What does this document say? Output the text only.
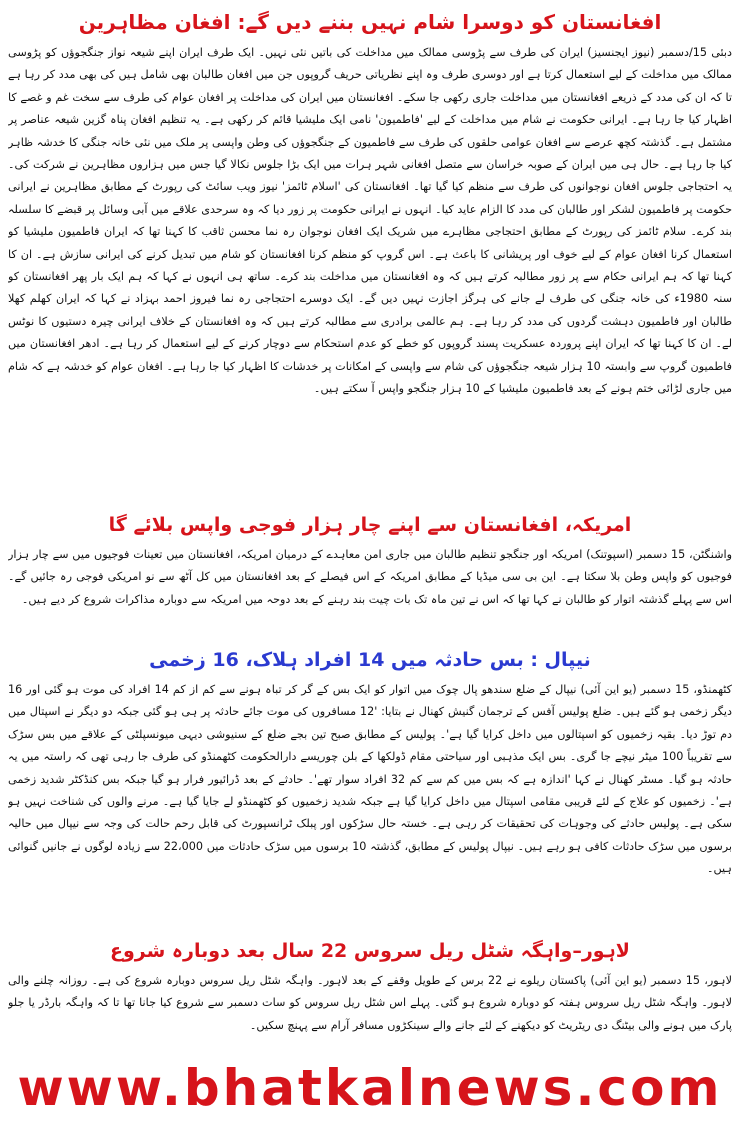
افغانستان کو دوسرا شام نہیں بننے دیں گے: افغان مظاہرین

دبئی 15/دسمبر (نیوز ایجنسیز) ایران کی طرف سے پڑوسی ممالک میں مداخلت کی باتیں نئی نہیں۔ ایک طرف ایران اپنے شیعہ نواز جنگجوؤں کو پڑوسی ممالک میں مداخلت کے لیے استعمال کرتا ہے اور دوسری طرف وہ اپنے نظریاتی حریف گروپوں جن میں افغان طالبان بھی شامل ہیں کی بھی مدد کر رہا ہے تا کہ ان کی مدد کے ذریعے افغانستان میں مداخلت جاری رکھی جا سکے۔ افغانستان میں ایران کی مداخلت پر افغان عوام کی طرف سے سخت غم و غصے کا اظہار کیا جا رہا ہے۔ ایرانی حکومت نے شام میں مداخلت کے لیے 'فاطمیون' نامی ایک ملیشیا قائم کر رکھی ہے۔ یہ تنظیم افغان پناہ گزین شیعہ عناصر پر مشتمل ہے۔ گذشتہ کچھ عرصے سے افغان عوامی حلقوں کی طرف سے فاطمیون کے جنگجوؤں کی وطن واپسی پر ملک میں نئی خانہ جنگی کا خدشہ ظاہر کیا جا رہا ہے۔ حال ہی میں ایران کے صوبہ خراسان سے متصل افغانی شہر ہرات میں ایک بڑا جلوس نکالا گیا جس میں ہزاروں مظاہرین نے شرکت کی۔ یہ احتجاجی جلوس افغان نوجوانوں کی طرف سے منظم کیا گیا تھا۔ افغانستان کی 'اسلام ٹائمز' نیوز ویب سائٹ کی رپورٹ کے مطابق مظاہرین نے ایرانی حکومت پر فاطمیون لشکر اور طالبان کی مدد کا الزام عاید کیا۔ انہوں نے ایرانی حکومت پر زور دیا کہ وہ سرحدی علاقے میں آبی وسائل پر قبضے کا سلسلہ بند کرے۔ سلام ٹائمز کی رپورٹ کے مطابق احتجاجی مظاہرے میں شریک ایک افغان نوجوان رہ نما محسن ثاقب کا کہنا تھا کہ ایران فاطمیون ملیشیا کو استعمال کرنا افغان عوام کے لیے خوف اور پریشانی کا باعث ہے۔ اس گروپ کو منظم کرنا افغانستان کو شام میں تبدیل کرنے کی ایرانی سازش ہے۔ ان کا کہنا تھا کہ ہم ایرانی حکام سے پر زور مطالبہ کرتے ہیں کہ وہ افغانستان میں مداخلت بند کرے۔ ساتھ ہی انہوں نے کہا کہ ہم ایک بار پھر افغانستان کو سنہ 1980ء کی خانہ جنگی کی طرف لے جانے کی ہرگز اجازت نہیں دیں گے۔ ایک دوسرے احتجاجی رہ نما فیروز احمد بہزاد نے کہا کہ ایران کھلم کھلا طالبان اور فاطمیون دہشت گردوں کی مدد کر رہا ہے۔ ہم عالمی برادری سے مطالبہ کرتے ہیں کہ وہ افغانستان کے خلاف ایرانی چیرہ دستیوں کا نوٹس لے۔ ان کا کہنا تھا کہ ایران اپنے پروردہ عسکریت پسند گروپوں کو خطے کو عدم استحکام سے دوچار کرنے کے لیے استعمال کر رہا ہے۔ ادھر افغانستان میں فاطمیون گروپ سے وابستہ 10 ہزار شیعہ جنگجوؤں کی شام سے واپسی کے امکانات پر خدشات کا اظہار کیا جا رہا ہے۔ افغان عوام کو خدشہ ہے کہ شام میں جاری لڑائی ختم ہونے کے بعد فاطمیون ملیشیا کے 10 ہزار جنگجو واپس آ سکتے ہیں۔

امریکہ، افغانستان سے اپنے چار ہزار فوجی واپس بلائے گا

واشنگٹن، 15 دسمبر (اسپوتنک) امریکہ اور جنگجو تنظیم طالبان میں جاری امن معاہدے کے درمیان امریکہ، افغانستان میں تعینات فوجیوں میں سے چار ہزار فوجیوں کو واپس وطن بلا سکتا ہے۔ این بی سی میڈیا کے مطابق امریکہ کے اس فیصلے کے بعد افغانستان میں کل آٹھ سے نو امریکی فوجی رہ جائیں گے۔ اس سے پہلے گذشتہ اتوار کو طالبان نے کہا تھا کہ اس نے تین ماہ تک بات چیت بند رہنے کے بعد دوحہ میں امریکہ سے دوبارہ مذاکرات شروع کر دیے ہیں۔

نیپال : بس حادثہ میں 14 افراد ہلاک، 16 زخمی

کٹھمنڈو، 15 دسمبر (یو این آئی) نیپال کے ضلع سندھو پال چوک میں اتوار کو ایک بس کے گر کر تباہ ہونے سے کم از کم 14 افراد کی موت ہو گئی اور 16 دیگر زخمی ہو گئے ہیں۔ ضلع پولیس آفس کے ترجمان گنیش کھنال نے بتایا: '12 مسافروں کی موت جائے حادثہ پر ہی ہو گئی جبکہ دو دیگر نے اسپتال میں دم توڑ دیا۔ بقیہ زخمیوں کو اسپتالوں میں داخل کرایا گیا ہے'۔ پولیس کے مطابق صبح تین بجے ضلع کے سنیوشی دیہی میونسپلٹی کے علاقے میں بس سڑک سے تقریباً 100 میٹر نیچے جا گری۔ بس ایک مذہبی اور سیاحتی مقام ڈولکھا کے بلن چوریسے دارالحکومت کٹھمنڈو کی طرف جا رہی تھی کہ راستہ میں یہ حادثہ ہو گیا۔ مسٹر کھنال نے کہا 'اندازہ ہے کہ بس میں کم سے کم 32 افراد سوار تھے'۔ حادثے کے بعد ڈرائیور فرار ہو گیا جبکہ بس کنڈکٹر شدید زخمی ہے'۔ زخمیوں کو علاج کے لئے قریبی مقامی اسپتال میں داخل کرایا گیا ہے جبکہ شدید زخمیوں کو کٹھمنڈو لے جایا گیا ہے۔ مرنے والوں کی شناخت نہیں ہو سکی ہے۔ پولیس حادثے کی وجوہات کی تحقیقات کر رہی ہے۔ خستہ حال سڑکوں اور پبلک ٹرانسپورٹ کی قابل رحم حالت کی وجہ سے نیپال میں حالیہ برسوں میں سڑک حادثات کافی ہو رہے ہیں۔ نیپال پولیس کے مطابق، گذشتہ 10 برسوں میں سڑک حادثات میں 22،000 سے زیادہ لوگوں نے جانیں گنوائی ہیں۔

لاہور–واہگہ شٹل ریل سروس 22 سال بعد دوبارہ شروع

لاہور، 15 دسمبر (یو این آئی) پاکستان ریلوے نے 22 برس کے طویل وقفے کے بعد لاہور۔ واہگہ شٹل ریل سروس دوبارہ شروع کی ہے۔ روزانہ چلنے والی لاہور۔ واہگہ شٹل ریل سروس ہفتہ کو دوبارہ شروع ہو گئی۔ پہلے اس شٹل ریل سروس کو سات دسمبر سے شروع کیا جانا تھا تا کہ واہگہ بارڈر یا جلو پارک میں ہونے والی بیٹنگ دی ریٹریٹ کو دیکھنے کے لئے جانے والے سینکڑوں مسافر آرام سے پہنچ سکیں۔

www.bhatkalnews.com
